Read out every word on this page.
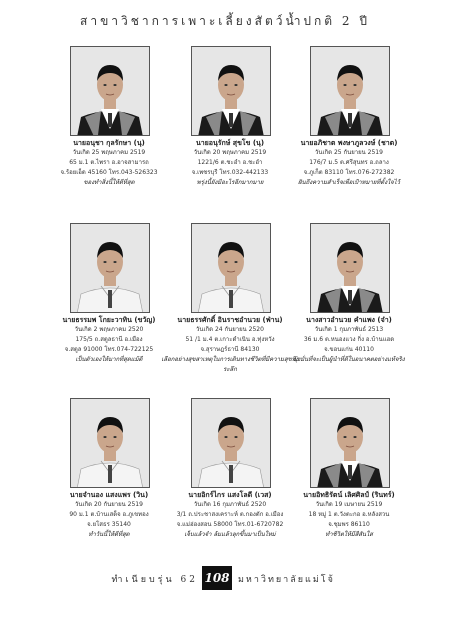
สาขาวิชาการเพาะเลี้ยงสัตว์น้ำปกติ 2 ปี
นายอนุชา กุลรักษา (นุ)
วันเกิด 25 พฤษภาคม 2519
65 ม.1 ต.ไพรา อ.อาจสามารถ
จ.ร้อยเอ็ด 45160 โทร.043-526323
ของทำสิ่งนี้ให้ดีที่สุด
นายอนุรักษ์ สุขโข (นุ)
วันเกิด 20 พฤษภาคม 2519
1221/6 ต.ชะอำ อ.ชะอำ
จ.เพชรบุรี โทร.032-442133
พรุ่งนี้ยังมีอะไรอีกมากมาย
นายอภิชาต พงษาภูลวงษ์ (ชาต)
วันเกิด 25 กันยายน 2519
176/7 ม.5 ต.ศรีสุนทร อ.ถลาง
จ.ภูเก็ต 83110 โทร.076-272382
ฝันถึงความสำเร็จเพื่อเป้าหมายที่ตั้งใจไว้
นายธรรมพ โกยะวาทิน (ขวัญ)
วันเกิด 2 พฤษภาคม 2520
175/5 ถ.สตูลธานี อ.เมือง
จ.สตูล 91000 โทร.074-722125
เป็นตัวเองให้มากที่สุดแม้ดี
นายธรรศักดิ์ อินราชอำนวย (ฟ่าน)
วันเกิด 24 กันยายน 2520
51 /1 ม.4 ต.เกาะดำเนิน อ.ทุ่งหวัง
จ.สุราษฎร์ธานี 84130
เลือกอย่างสุขสาเหตุในการเดินทางชีวิตที่มีความสุขพึงระลึก
นางสาวอำนวย คำแพง (จ๋า)
วันเกิด 1 กุมภาพันธ์ 2513
36 ม.6 ต.หนองแวง กิ่ง อ.บ้านแฮด
จ.ขอนแก่น 40110
มุ่งมั่นที่จะเป็นผู้นำที่ดีในอนาคตอย่างแท้จริง
นายจำนอง แสงแพร (วิน)
วันเกิด 20 กันยายน 2519
90 ม.1 ต.บ้านเสด็จ อ.ภูเขทอง
จ.ยโสธร 35140
ทำวันนี้ให้ดีที่สุด
นายอิกร์ไกร แสงโลดี (เวส)
วันเกิด 16 กุมภาพันธ์ 2520
3/1 ถ.ประชาสงเคราะห์ ต.กองตัก อ.เมือง
จ.แม่ฮ่องสอน 58000 โทร.01-6720782
เจ็บแล้วจำ ล้มแล้วลุกขึ้นมาเป็นใหม่
นายอิทธิรัตน์ เลิศศิลป์ (รินทร์)
วันเกิด 19 เมษายน 2519
18 หมู่ 1 ต.วังตะกอ อ.หลังสวน
จ.ชุมพร 86110
ทำชีวิตให้มีสีสันใส
ทำเนียบรุ่น 62 108 มหาวิทยาลัยแม่โจ้
